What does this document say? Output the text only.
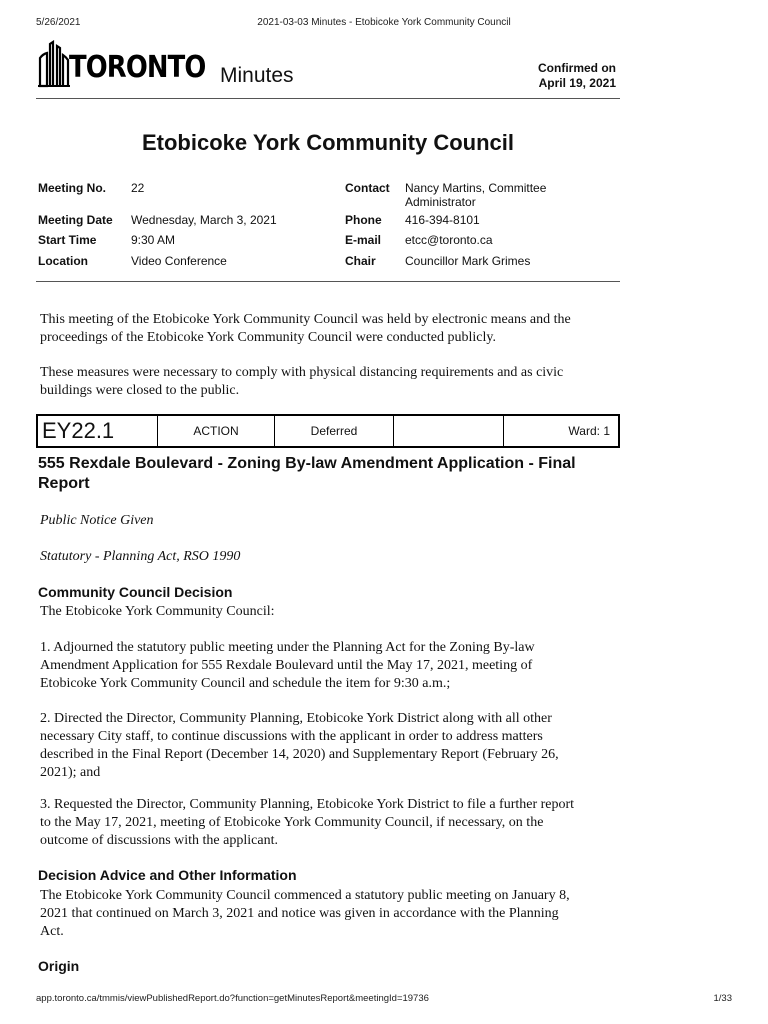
5/26/2021	2021-03-03 Minutes - Etobicoke York Community Council
TORONTO Minutes	Confirmed on
April 19, 2021
Etobicoke York Community Council
Meeting No. 22
Meeting Date Wednesday, March 3, 2021
Start Time	9:30 AM
Location	Video Conference
Contact Nancy Martins, Committee
Administrator
Phone 416-394-8101
E-mail etcc@toronto.ca
Chair Councillor Mark Grimes
This meeting of the Etobicoke York Community Council was held by electronic means and the
proceedings of the Etobicoke York Community Council were conducted publicly.
These measures were necessary to comply with physical distancing requirements and as civic
buildings were closed to the public.
EY22.1	ACTION	Deferred	Ward: 1
555 Rexdale Boulevard - Zoning By-law Amendment Application - Final
Report
Public Notice Given
Statutory - Planning Act, RSO 1990
Community Council Decision
The Etobicoke York Community Council:
1. Adjourned the statutory public meeting under the Planning Act for the Zoning By-law
Amendment Application for 555 Rexdale Boulevard until the May 17, 2021, meeting of
Etobicoke York Community Council and schedule the item for 9:30 a.m.;
2. Directed the Director, Community Planning, Etobicoke York District along with all other
necessary City staff, to continue discussions with the applicant in order to address matters
described in the Final Report (December 14, 2020) and Supplementary Report (February 26,
2021); and
3. Requested the Director, Community Planning, Etobicoke York District to file a further report
to the May 17, 2021, meeting of Etobicoke York Community Council, if necessary, on the
outcome of discussions with the applicant.
Decision Advice and Other Information
The Etobicoke York Community Council commenced a statutory public meeting on January 8,
2021 that continued on March 3, 2021 and notice was given in accordance with the Planning
Act.
Origin
app.toronto.ca/tmmis/viewPublishedReport.do?function=getMinutesReport&meetingId=19736	1/33
